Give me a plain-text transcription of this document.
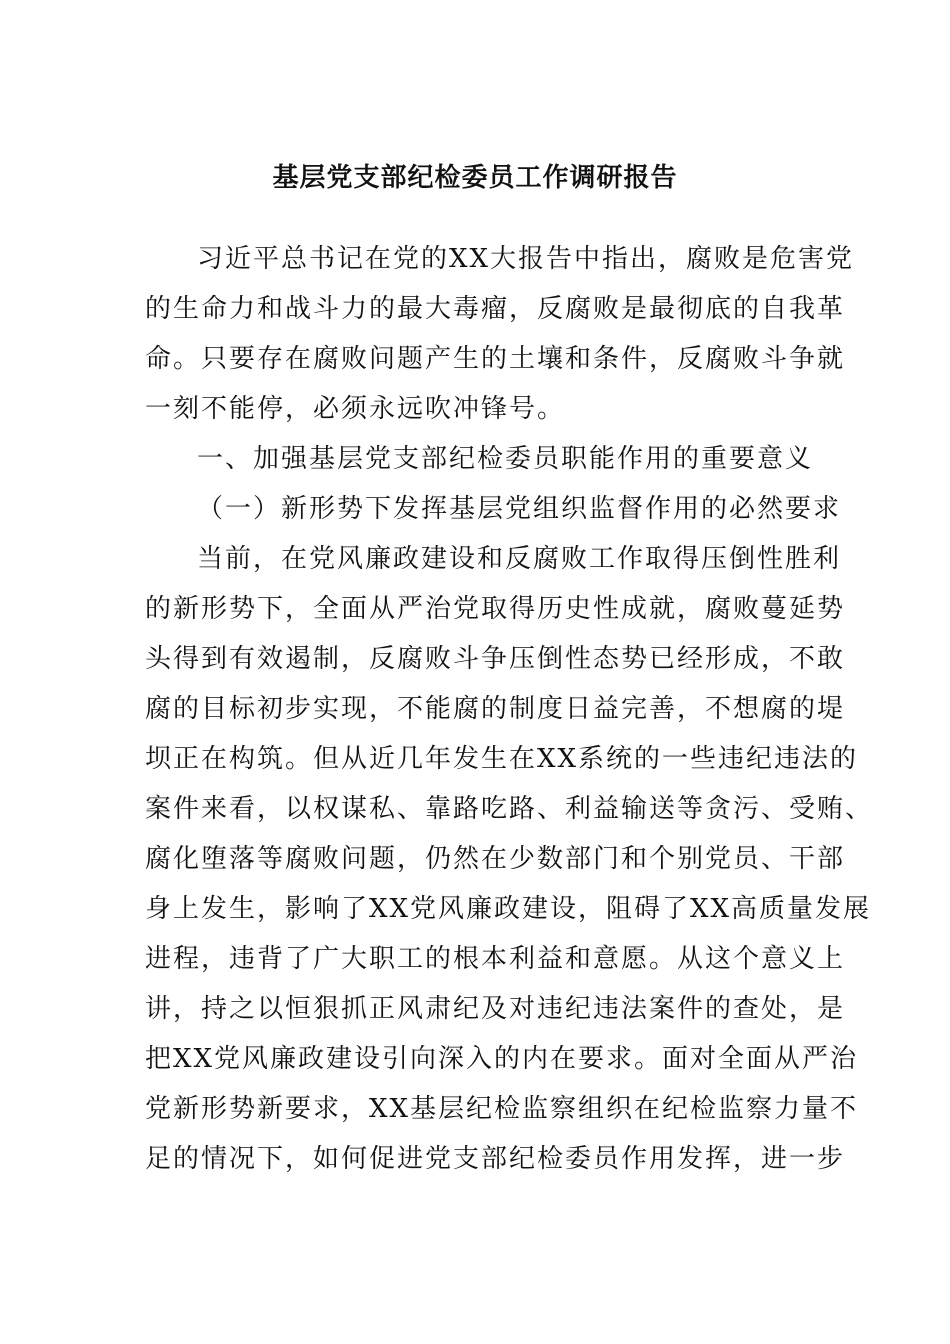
基层党支部纪检委员工作调研报告
习近平总书记在党的XX大报告中指出，腐败是危害党
的生命力和战斗力的最大毒瘤，反腐败是最彻底的自我革
命。只要存在腐败问题产生的土壤和条件，反腐败斗争就
一刻不能停，必须永远吹冲锋号。
一、加强基层党支部纪检委员职能作用的重要意义
（一）新形势下发挥基层党组织监督作用的必然要求
当前，在党风廉政建设和反腐败工作取得压倒性胜利
的新形势下，全面从严治党取得历史性成就，腐败蔓延势
头得到有效遏制，反腐败斗争压倒性态势已经形成，不敢
腐的目标初步实现，不能腐的制度日益完善，不想腐的堤
坝正在构筑。但从近几年发生在XX系统的一些违纪违法的
案件来看，以权谋私、靠路吃路、利益输送等贪污、受贿、
腐化堕落等腐败问题，仍然在少数部门和个别党员、干部
身上发生，影响了XX党风廉政建设，阻碍了XX高质量发展
进程，违背了广大职工的根本利益和意愿。从这个意义上
讲，持之以恒狠抓正风肃纪及对违纪违法案件的查处，是
把XX党风廉政建设引向深入的内在要求。面对全面从严治
党新形势新要求，XX基层纪检监察组织在纪检监察力量不
足的情况下，如何促进党支部纪检委员作用发挥，进一步
